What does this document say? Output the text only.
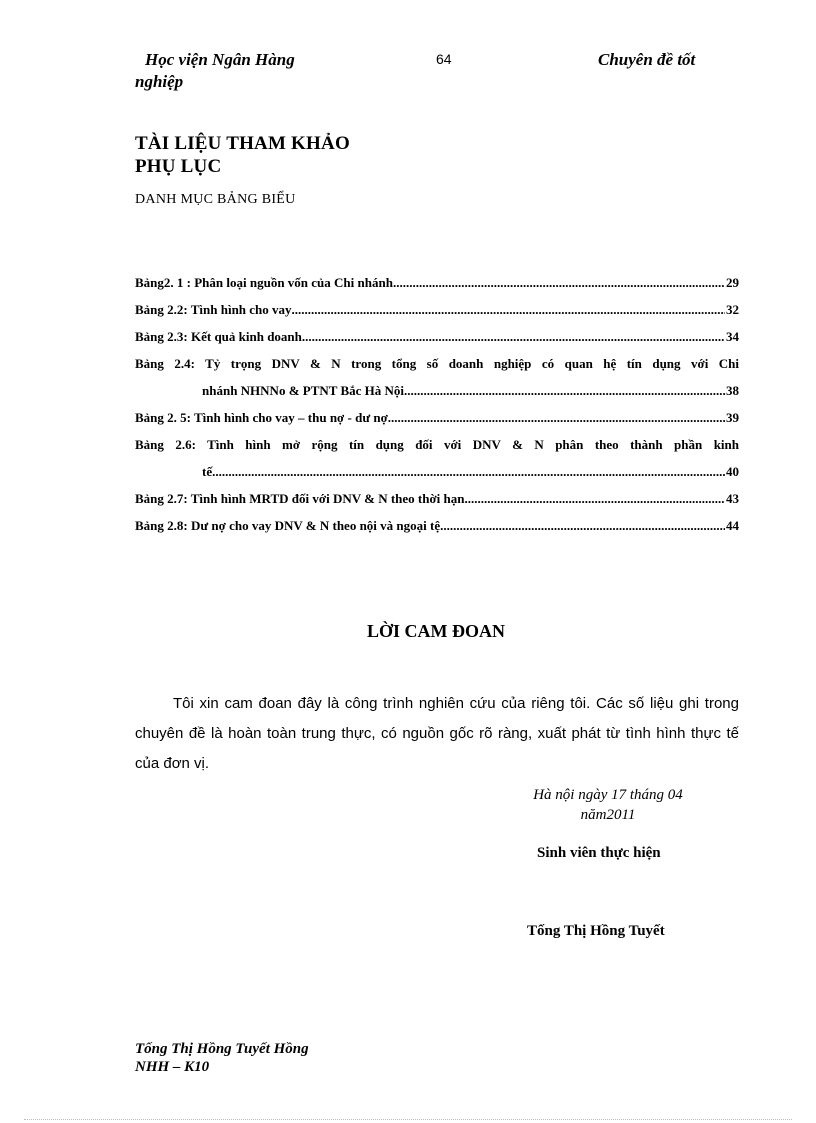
Học viện Ngân Hàng
nghiệp
64	Chuyên đề tốt
TÀI LIỆU THAM KHẢO
PHỤ LỤC
DANH MỤC BẢNG BIỂU
Bảng2. 1 : Phân loại nguồn vốn của Chi nhánh .....	29
Bảng 2.2: Tình hình cho vay .....	32
Bảng 2.3: Kết quả kinh doanh .....	34
Bảng 2.4: Tỷ trọng DNV & N trong tổng số doanh nghiệp có quan hệ tín dụng với Chi
nhánh NHNNo & PTNT Bắc Hà Nội .....	38
Bảng 2. 5: Tình hình cho vay – thu nợ - dư nợ .....	39
Bảng 2.6: Tình hình mở rộng tín dụng đối với DNV & N phân theo thành phần kinh
tế .....	40
Bảng 2.7: Tình hình MRTD đối với DNV & N theo thời hạn. .....	43
Bảng 2.8: Dư nợ cho vay DNV & N theo nội và ngoại tệ. .....	44
LỜI CAM ĐOAN
Tôi xin cam đoan đây là công trình nghiên cứu của riêng tôi. Các số liệu ghi trong chuyên đề là hoàn toàn trung thực, có nguồn gốc rõ ràng, xuất phát từ tình hình thực tế của đơn vị.
Hà nội ngày 17 tháng 04
năm2011
Sinh viên thực hiện
Tống Thị Hồng Tuyết
Tống Thị Hồng Tuyết Hồng
NHH – K10
